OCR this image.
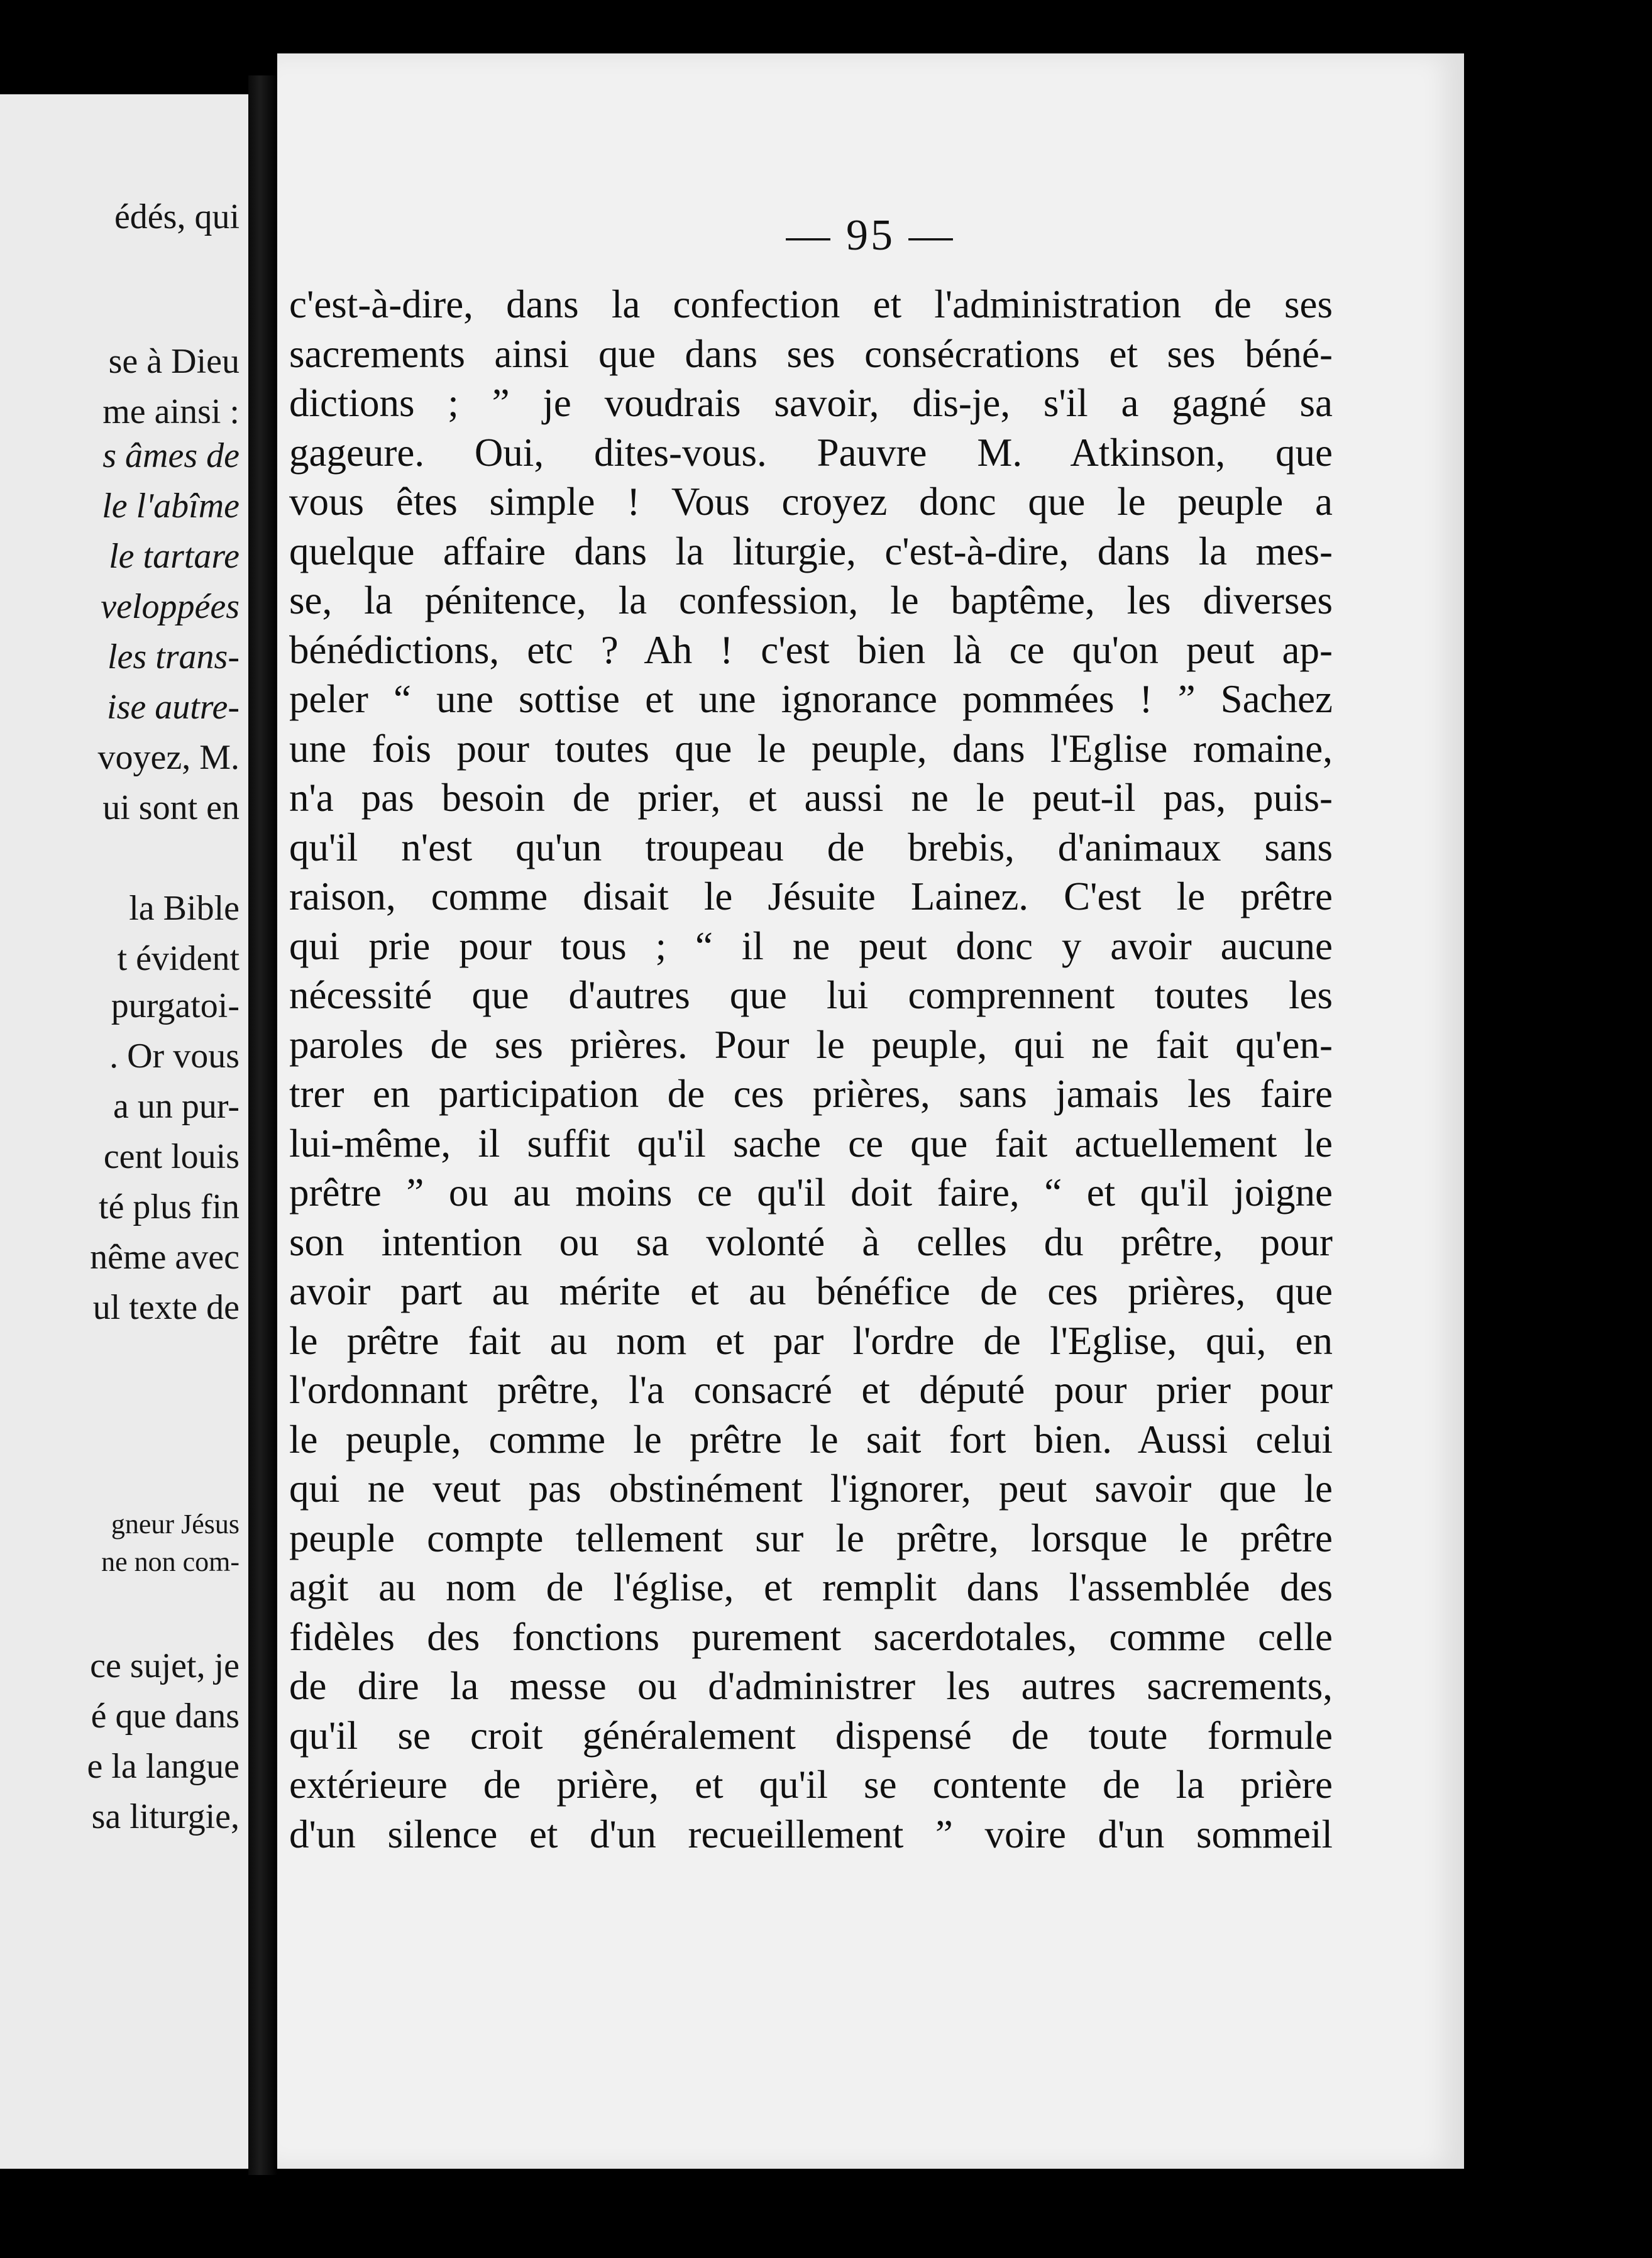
édés, qui
se à Dieu
me ainsi :
s âmes de
le l'abîme
le tartare
veloppées
les trans-
ise autre-
voyez, M.
ui sont en
la Bible
t évident
purgatoi-
. Or vous
a un pur-
cent louis
té plus fin
nême avec
ul texte de
gneur Jésus
ne non com-
ce sujet, je
é que dans
e la langue
sa liturgie,
— 95 —
c'est-à-dire, dans la confection et l'administration de ses
sacrements ainsi que dans ses consécrations et ses béné-
dictions ; ” je voudrais savoir, dis-je, s'il a gagné sa
gageure. Oui, dites-vous. Pauvre M. Atkinson, que
vous êtes simple ! Vous croyez donc que le peuple a
quelque affaire dans la liturgie, c'est-à-dire, dans la mes-
se, la pénitence, la confession, le baptême, les diverses
bénédictions, etc ? Ah ! c'est bien là ce qu'on peut ap-
peler “ une sottise et une ignorance pommées ! ” Sachez
une fois pour toutes que le peuple, dans l'Eglise romaine,
n'a pas besoin de prier, et aussi ne le peut-il pas, puis-
qu'il n'est qu'un troupeau de brebis, d'animaux sans
raison, comme disait le Jésuite Lainez. C'est le prêtre
qui prie pour tous ; “ il ne peut donc y avoir aucune
nécessité que d'autres que lui comprennent toutes les
paroles de ses prières. Pour le peuple, qui ne fait qu'en-
trer en participation de ces prières, sans jamais les faire
lui-même, il suffit qu'il sache ce que fait actuellement le
prêtre ” ou au moins ce qu'il doit faire, “ et qu'il joigne
son intention ou sa volonté à celles du prêtre, pour
avoir part au mérite et au bénéfice de ces prières, que
le prêtre fait au nom et par l'ordre de l'Eglise, qui, en
l'ordonnant prêtre, l'a consacré et député pour prier pour
le peuple, comme le prêtre le sait fort bien. Aussi celui
qui ne veut pas obstinément l'ignorer, peut savoir que le
peuple compte tellement sur le prêtre, lorsque le prêtre
agit au nom de l'église, et remplit dans l'assemblée des
fidèles des fonctions purement sacerdotales, comme celle
de dire la messe ou d'administrer les autres sacrements,
qu'il se croit généralement dispensé de toute formule
extérieure de prière, et qu'il se contente de la prière
d'un silence et d'un recueillement ” voire d'un sommeil
